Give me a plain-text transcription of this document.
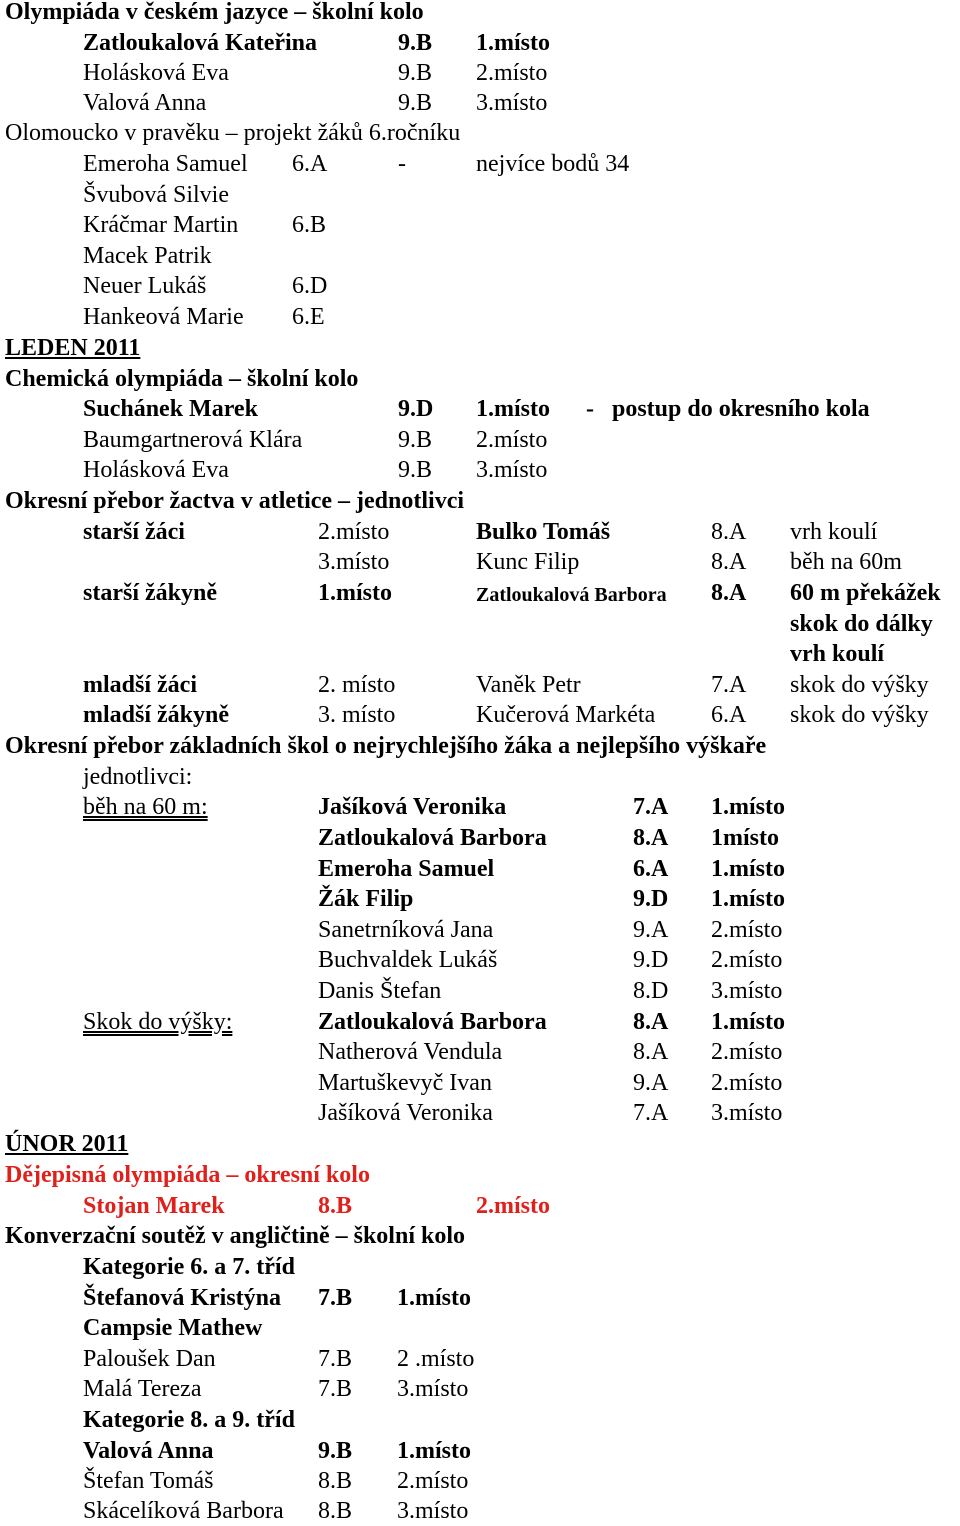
Olympiáda v českém jazyce – školní kolo
Zatloukalová Kateřina	9.B 1.místo
Holásková Eva	9.B 2.místo
Valová Anna	9.B 3.místo
Olomoucko v pravěku – projekt žáků 6.ročníku
Emeroha Samuel 6.A	-	nejvíce bodů 34
Švubová Silvie
Kráčmar Martin 6.B
Macek Patrik
Neuer Lukáš	6.D
Hankeová Marie 6.E
LEDEN 2011
Chemická olympiáda – školní kolo
Suchánek Marek	9.D 1.místo -   postup do okresního kola
Baumgartnerová Klára	9.B 2.místo
Holásková Eva	9.B 3.místo
Okresní přebor žactva v atletice – jednotlivci
starší žáci	2.místo	Bulko Tomáš	8.A vrh koulí
3.místo	Kunc Filip	8.A běh na 60m
starší žákyně	1.místo	Zatloukalová Barbora 8.A 60 m překážek
skok do dálky
vrh koulí
mladší žáci	2. místo	Vaněk Petr	7.A skok do výšky
mladší žákyně	3. místo	Kučerová Markéta 6.A skok do výšky
Okresní přebor základních škol o nejrychlejšího žáka a nejlepšího výškaře
jednotlivci:
běh na 60 m:	Jašíková Veronika	7.A 1.místo
Zatloukalová Barbora	8.A 1místo
Emeroha Samuel	6.A 1.místo
Žák Filip	9.D 1.místo
Sanetrníková Jana	9.A 2.místo
Buchvaldek Lukáš	9.D 2.místo
Danis Štefan	8.D 3.místo
Skok do výšky:	Zatloukalová Barbora	8.A 1.místo
Natherová Vendula	8.A 2.místo
Martuškevyč Ivan	9.A 2.místo
Jašíková Veronika	7.A 3.místo
ÚNOR 2011
Dějepisná olympiáda – okresní kolo
Stojan Marek	8.B	2.místo
Konverzační soutěž v angličtině – školní kolo
Kategorie 6. a 7. tříd
Štefanová Kristýna 7.B 1.místo
Campsie Mathew
Paloušek Dan	7.B 2 .místo
Malá Tereza	7.B 3.místo
Kategorie 8. a 9. tříd
Valová Anna	9.B 1.místo
Štefan Tomáš	8.B 2.místo
Skácelíková Barbora 8.B 3.místo
